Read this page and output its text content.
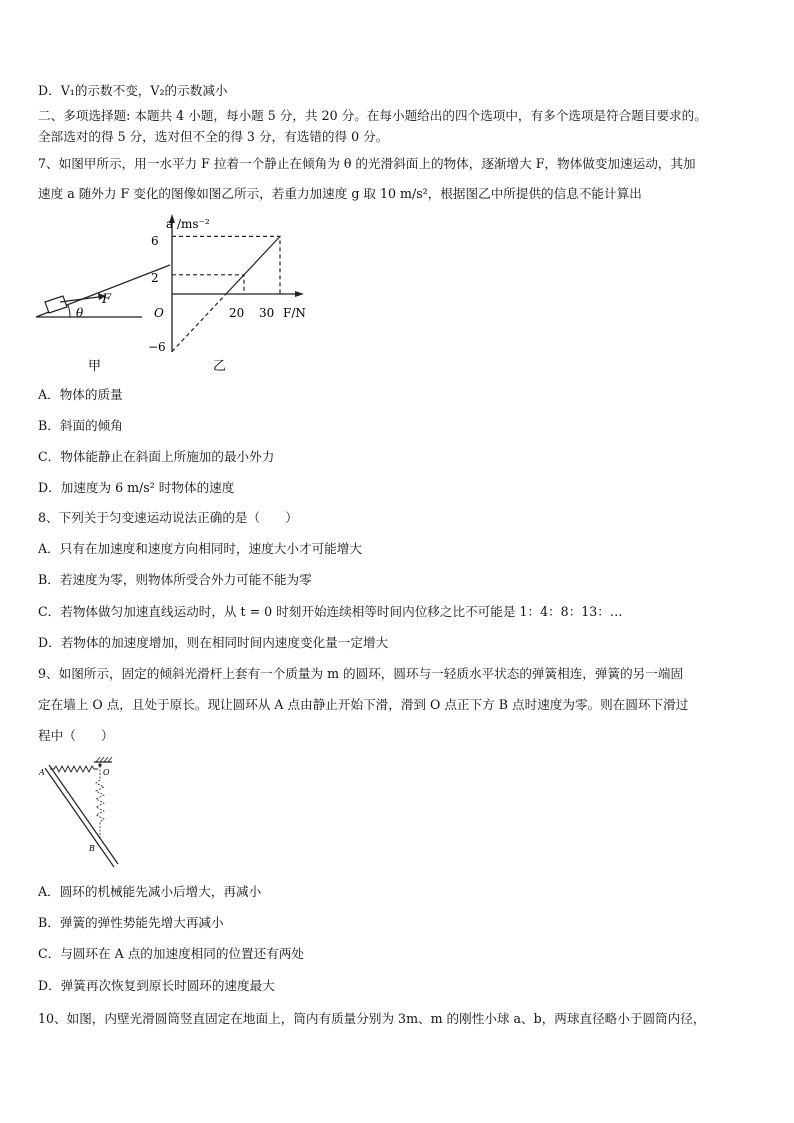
D．V₁的示数不变，V₂的示数减小
二、多项选择题: 本题共 4 小题，每小题 5 分，共 20 分。在每小题给出的四个选项中，有多个选项是符合题目要求的。
全部选对的得 5 分，选对但不全的得 3 分，有选错的得 0 分。
7、如图甲所示，用一水平力 F 拉着一个静止在倾角为 θ 的光滑斜面上的物体，逐渐增大 F，物体做变加速运动，其加
速度 a 随外力 F 变化的图像如图乙所示，若重力加速度 g 取 10 m/s²，根据图乙中所提供的信息不能计算出
F
θ
甲
a /ms⁻²
F/N
6
2
−6
O	20 30
乙
A．物体的质量
B．斜面的倾角
C．物体能静止在斜面上所施加的最小外力
D．加速度为 6 m/s² 时物体的速度
8、下列关于匀变速运动说法正确的是（　　）
A．只有在加速度和速度方向相同时，速度大小才可能增大
B．若速度为零，则物体所受合外力可能不能为零
C．若物体做匀加速直线运动时，从 t = 0 时刻开始连续相等时间内位移之比不可能是 1：4：8：13：…
D．若物体的加速度增加，则在相同时间内速度变化量一定增大
9、如图所示，固定的倾斜光滑杆上套有一个质量为 m 的圆环，圆环与一轻质水平状态的弹簧相连，弹簧的另一端固
定在墙上 O 点，且处于原长。现让圆环从 A 点由静止开始下滑，滑到 O 点正下方 B 点时速度为零。则在圆环下滑过
程中（　　）
A	O
B
A．圆环的机械能先减小后增大，再减小
B．弹簧的弹性势能先增大再减小
C．与圆环在 A 点的加速度相同的位置还有两处
D．弹簧再次恢复到原长时圆环的速度最大
10、如图，内壁光滑圆筒竖直固定在地面上，筒内有质量分别为 3m、m 的刚性小球 a、b，两球直径略小于圆筒内径，
